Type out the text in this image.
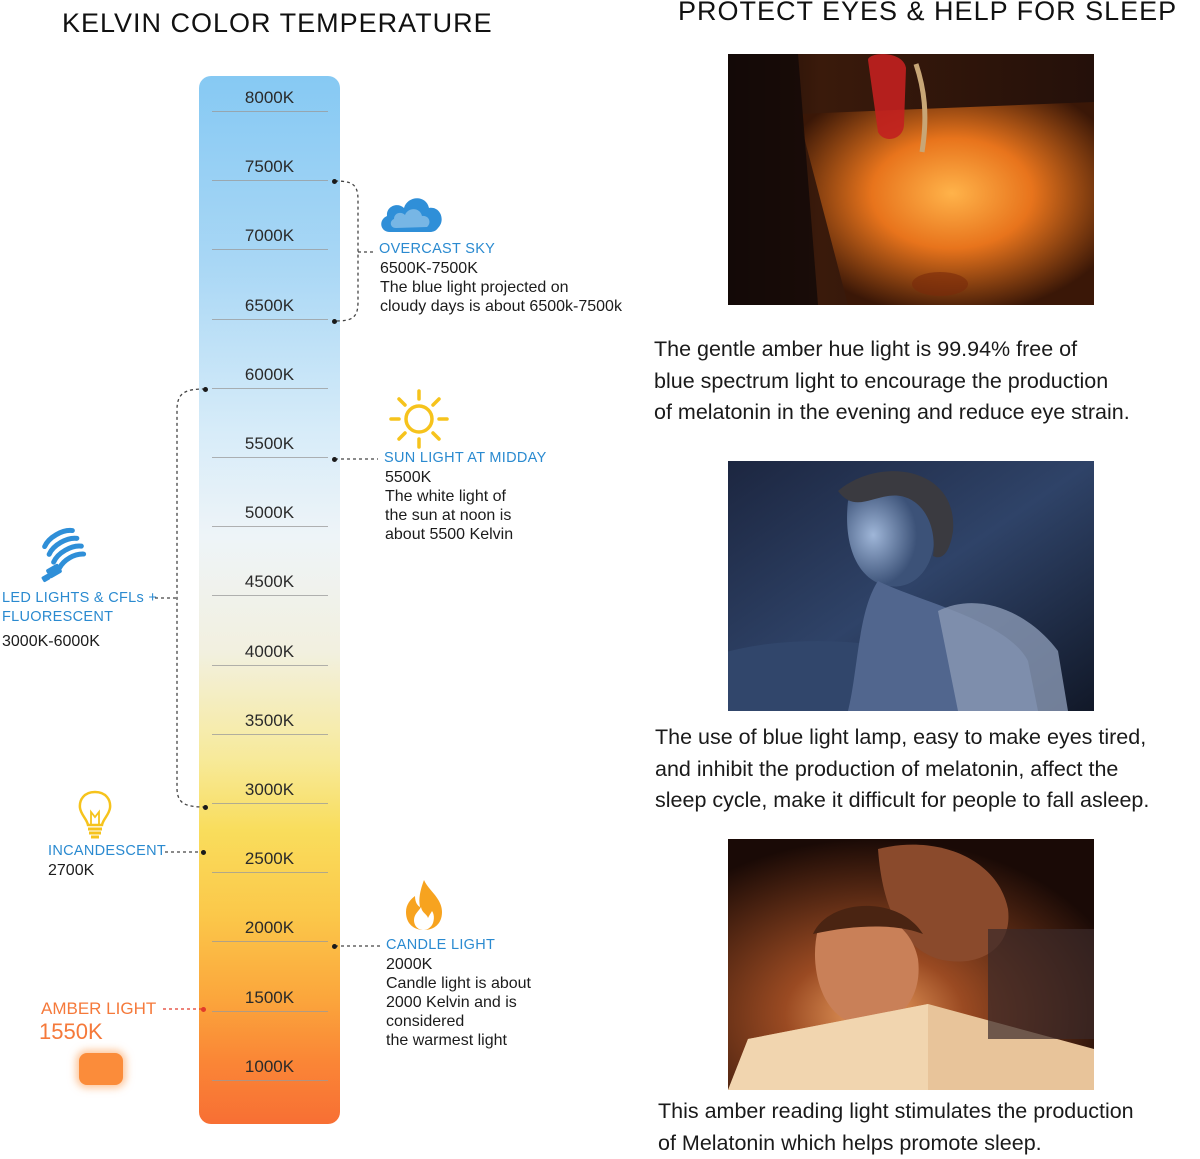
KELVIN COLOR TEMPERATURE	PROTECT EYES & HELP FOR SLEEP
8000K
7500K
7000K
6500K
6000K
5500K
5000K
4500K
4000K
3500K
3000K
2500K
2000K
1500K
1000K
OVERCAST SKY
6500K-7500K
The blue light projected on
cloudy days is about 6500k-7500k
SUN LIGHT AT MIDDAY
5500K
The white light of
the sun at noon is
about 5500 Kelvin
LED LIGHTS & CFLs +
FLUORESCENT
3000K-6000K
INCANDESCENT
2700K
CANDLE LIGHT
2000K
Candle light is about
2000 Kelvin and is
considered
the warmest light
AMBER LIGHT
1550K
The gentle amber hue light is 99.94% free of
blue spectrum light to encourage the production
of melatonin in the evening and reduce eye strain.
The use of blue light lamp, easy to make eyes tired,
and inhibit the production of melatonin, affect the
sleep cycle, make it difficult for people to fall asleep.
This amber reading light stimulates the production
of Melatonin which helps promote sleep.
